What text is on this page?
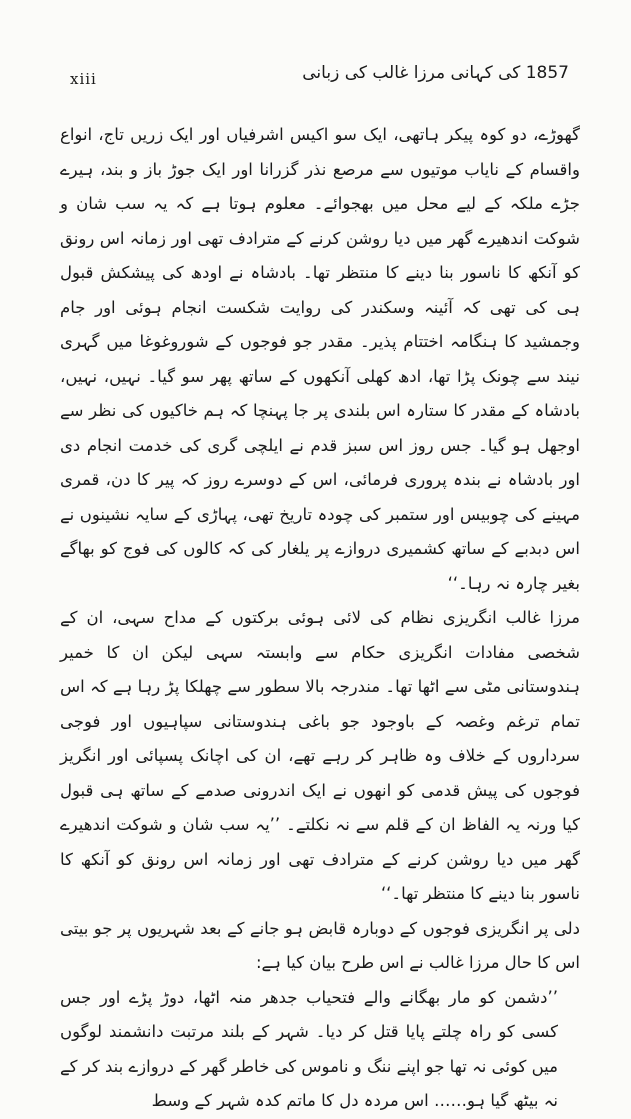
xiii	1857 کی کہانی مرزا غالب کی زبانی

گھوڑے، دو کوہ پیکر ہاتھی، ایک سو اکیس اشرفیاں اور ایک زریں تاج، انواع واقسام کے نایاب موتیوں سے مرصع نذر گزرانا اور ایک جوڑ باز و بند، ہیرے جڑے ملکہ کے لیے محل میں بھجوائے۔ معلوم ہوتا ہے کہ یہ سب شان و شوکت اندھیرے گھر میں دیا روشن کرنے کے مترادف تھی اور زمانہ اس رونق کو آنکھ کا ناسور بنا دینے کا منتظر تھا۔ بادشاہ نے اودھ کی پیشکش قبول ہی کی تھی کہ آئینہ وسکندر کی روایت شکست انجام ہوئی اور جام وجمشید کا ہنگامہ اختتام پذیر۔ مقدر جو فوجوں کے شوروغوغا میں گہری نیند سے چونک پڑا تھا، ادھ کھلی آنکھوں کے ساتھ پھر سو گیا۔ نہیں، نہیں، بادشاہ کے مقدر کا ستارہ اس بلندی پر جا پہنچا کہ ہم خاکیوں کی نظر سے اوجھل ہو گیا۔ جس روز اس سبز قدم نے ایلچی گری کی خدمت انجام دی اور بادشاہ نے بندہ پروری فرمائی، اس کے دوسرے روز کہ پیر کا دن، قمری مہینے کی چوبیس اور ستمبر کی چودہ تاریخ تھی، پہاڑی کے سایہ نشینوں نے اس دبدبے کے ساتھ کشمیری دروازے پر یلغار کی کہ کالوں کی فوج کو بھاگے بغیر چارہ نہ رہا۔‘‘

مرزا غالب انگریزی نظام کی لائی ہوئی برکتوں کے مداح سہی، ان کے شخصی مفادات انگریزی حکام سے وابستہ سہی لیکن ان کا خمیر ہندوستانی مٹی سے اٹھا تھا۔ مندرجہ بالا سطور سے چھلکا پڑ رہا ہے کہ اس تمام ترغم وغصہ کے باوجود جو باغی ہندوستانی سپاہیوں اور فوجی سرداروں کے خلاف وہ ظاہر کر رہے تھے، ان کی اچانک پسپائی اور انگریز فوجوں کی پیش قدمی کو انھوں نے ایک اندرونی صدمے کے ساتھ ہی قبول کیا ورنہ یہ الفاظ ان کے قلم سے نہ نکلتے۔ ’’یہ سب شان و شوکت اندھیرے گھر میں دیا روشن کرنے کے مترادف تھی اور زمانہ اس رونق کو آنکھ کا ناسور بنا دینے کا منتظر تھا۔‘‘

دلی پر انگریزی فوجوں کے دوبارہ قابض ہو جانے کے بعد شہریوں پر جو بیتی اس کا حال مرزا غالب نے اس طرح بیان کیا ہے:

’’دشمن کو مار بھگانے والے فتحیاب جدھر منہ اٹھا، دوڑ پڑے اور جس کسی کو راہ چلتے پایا قتل کر دیا۔ شہر کے بلند مرتبت دانشمند لوگوں میں کوئی نہ تھا جو اپنے ننگ و ناموس کی خاطر گھر کے دروازے بند کر کے نہ بیٹھ گیا ہو…… اس مردہ دل کا ماتم کدہ شہر کے وسط
